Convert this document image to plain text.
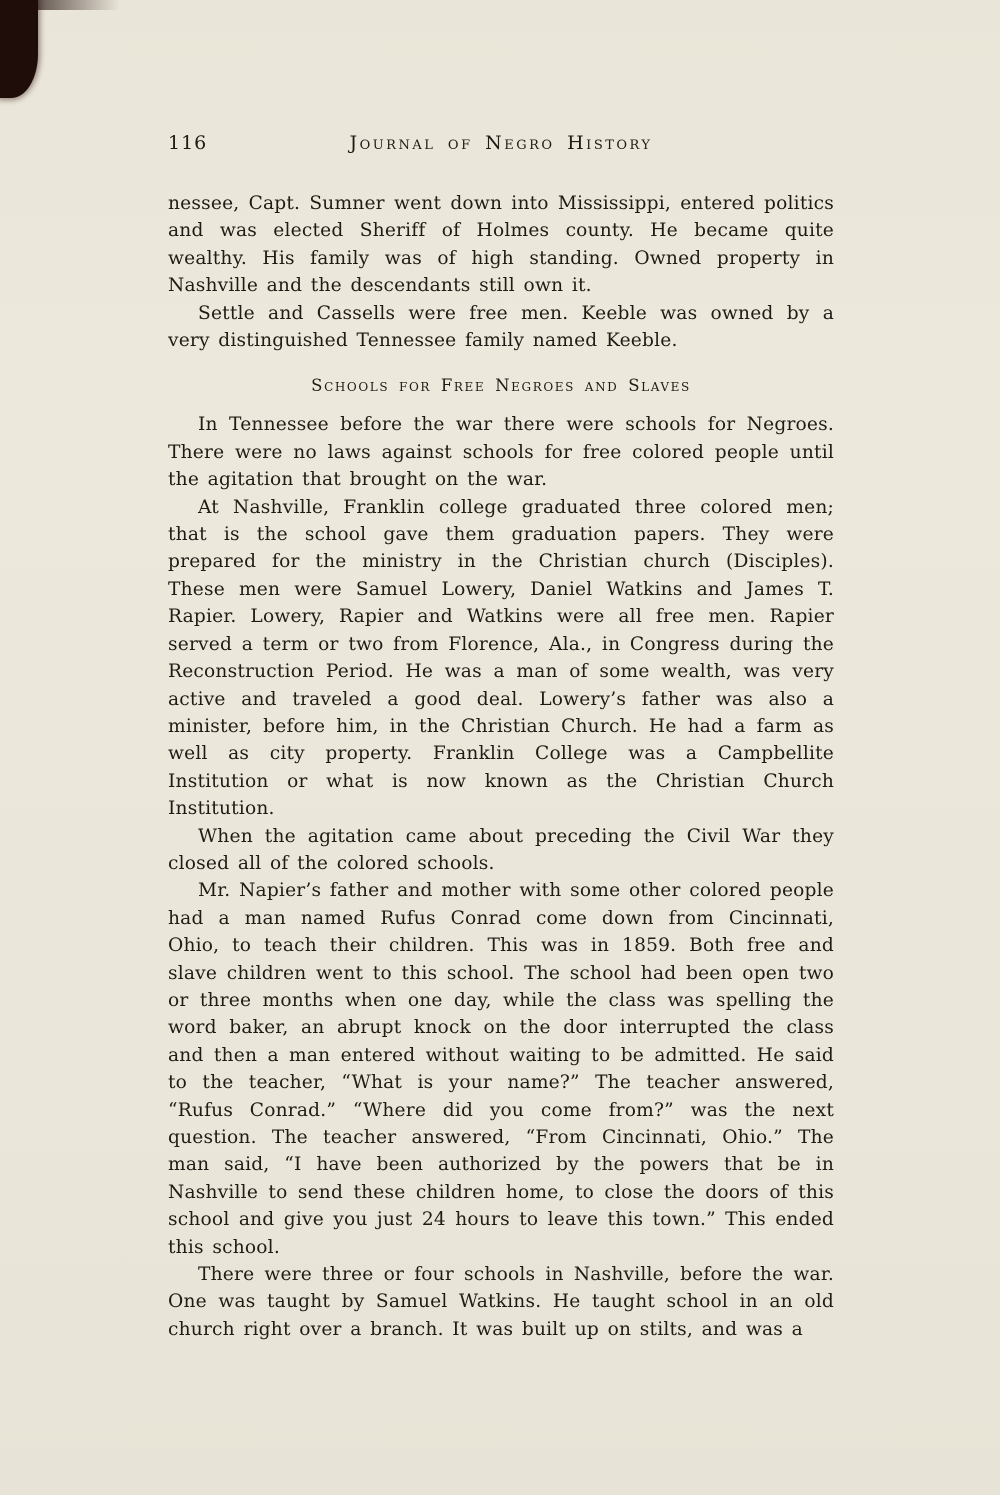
116	Journal of Negro History

nessee, Capt. Sumner went down into Mississippi, entered politics and was elected Sheriff of Holmes county. He became quite wealthy. His family was of high standing. Owned property in Nashville and the descendants still own it.

Settle and Cassells were free men. Keeble was owned by a very distinguished Tennessee family named Keeble.

Schools for Free Negroes and Slaves

In Tennessee before the war there were schools for Negroes. There were no laws against schools for free colored people until the agitation that brought on the war.

At Nashville, Franklin college graduated three colored men; that is the school gave them graduation papers. They were prepared for the ministry in the Christian church (Disciples). These men were Samuel Lowery, Daniel Watkins and James T. Rapier. Lowery, Rapier and Watkins were all free men. Rapier served a term or two from Florence, Ala., in Congress during the Reconstruction Period. He was a man of some wealth, was very active and traveled a good deal. Lowery’s father was also a minister, before him, in the Christian Church. He had a farm as well as city property. Franklin College was a Campbellite Institution or what is now known as the Christian Church Institution.

When the agitation came about preceding the Civil War they closed all of the colored schools.

Mr. Napier’s father and mother with some other colored people had a man named Rufus Conrad come down from Cincinnati, Ohio, to teach their children. This was in 1859. Both free and slave children went to this school. The school had been open two or three months when one day, while the class was spelling the word baker, an abrupt knock on the door interrupted the class and then a man entered without waiting to be admitted. He said to the teacher, “What is your name?” The teacher answered, “Rufus Conrad.” “Where did you come from?” was the next question. The teacher answered, “From Cincinnati, Ohio.” The man said, “I have been authorized by the powers that be in Nashville to send these children home, to close the doors of this school and give you just 24 hours to leave this town.” This ended this school.

There were three or four schools in Nashville, before the war. One was taught by Samuel Watkins. He taught school in an old church right over a branch. It was built up on stilts, and was a
